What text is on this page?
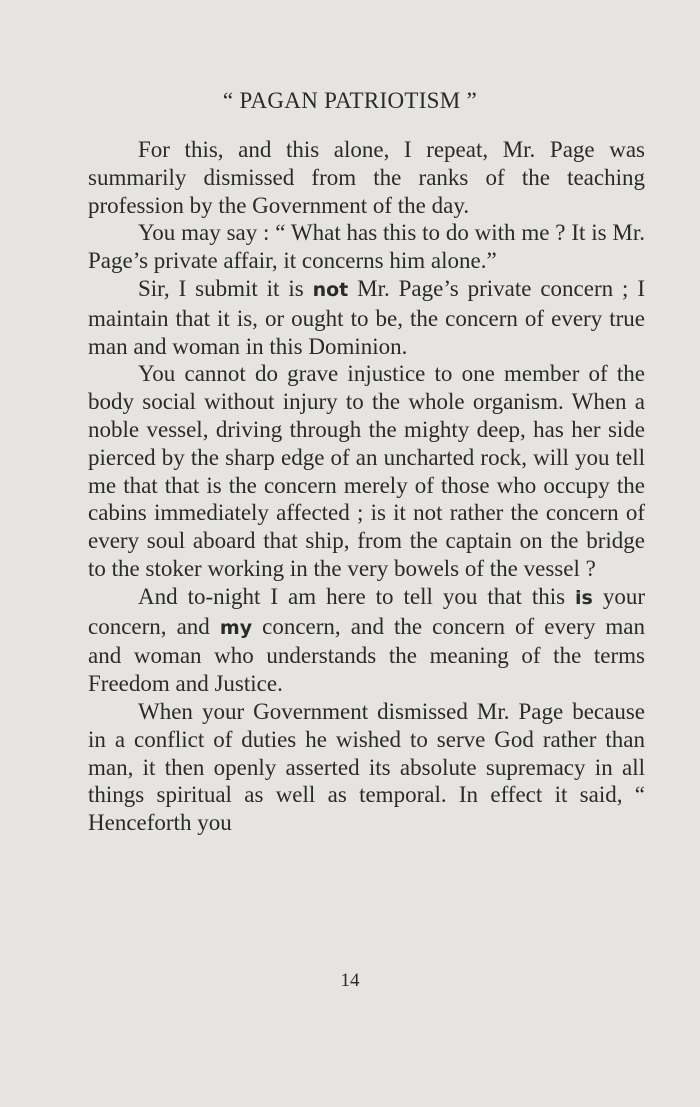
“ PAGAN PATRIOTISM ”

For this, and this alone, I repeat, Mr. Page was summarily dismissed from the ranks of the teaching profession by the Government of the day.

You may say : “ What has this to do with me ? It is Mr. Page’s private affair, it concerns him alone.”

Sir, I submit it is not Mr. Page’s private concern ; I maintain that it is, or ought to be, the concern of every true man and woman in this Dominion.

You cannot do grave injustice to one member of the body social without injury to the whole organism. When a noble vessel, driving through the mighty deep, has her side pierced by the sharp edge of an uncharted rock, will you tell me that that is the concern merely of those who occupy the cabins immediately affected ; is it not rather the concern of every soul aboard that ship, from the captain on the bridge to the stoker working in the very bowels of the vessel ?

And to-night I am here to tell you that this is your concern, and my concern, and the concern of every man and woman who understands the meaning of the terms Freedom and Justice.

When your Government dismissed Mr. Page because in a conflict of duties he wished to serve God rather than man, it then openly asserted its absolute supremacy in all things spiritual as well as temporal. In effect it said, “ Henceforth you

14
